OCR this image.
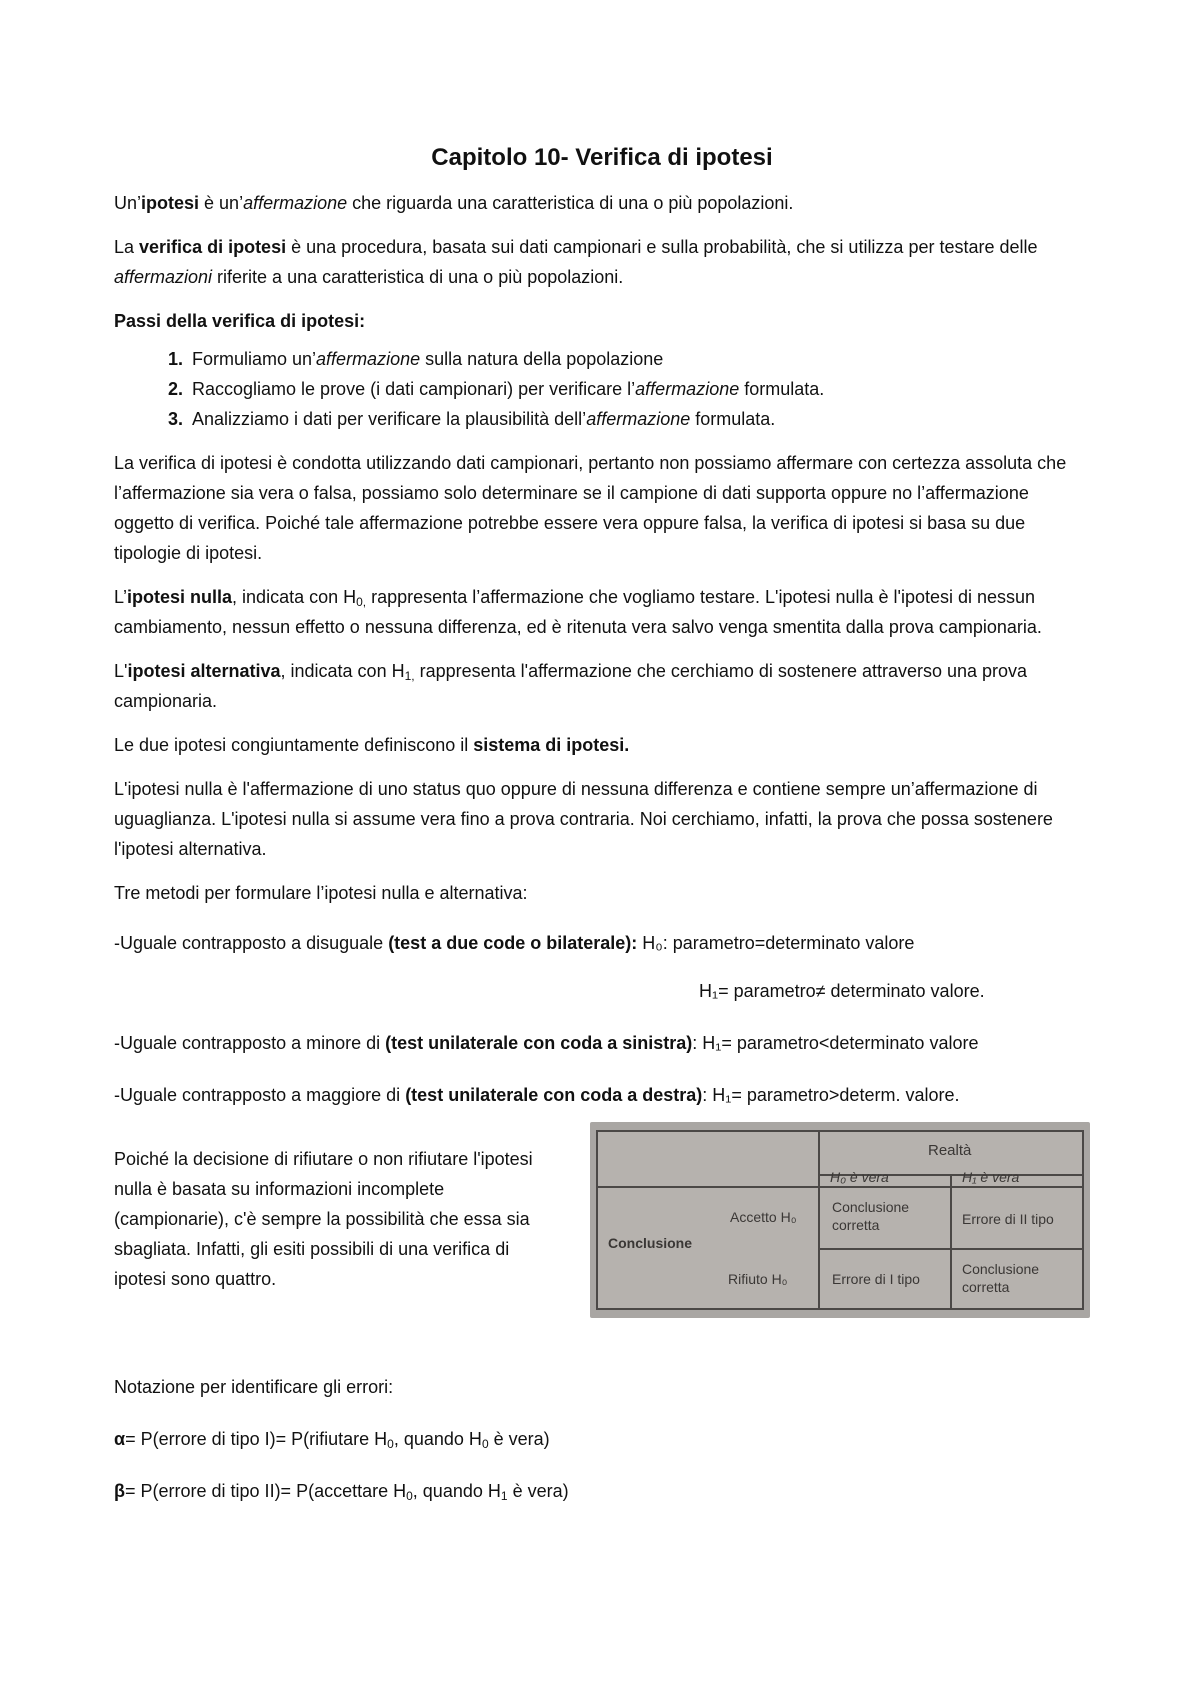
Capitolo 10- Verifica di ipotesi

Un’ipotesi è un’affermazione che riguarda una caratteristica di una o più popolazioni.

La verifica di ipotesi è una procedura, basata sui dati campionari e sulla probabilità, che si utilizza per testare delle affermazioni riferite a una caratteristica di una o più popolazioni.

Passi della verifica di ipotesi:

1. Formuliamo un’affermazione sulla natura della popolazione
2. Raccogliamo le prove (i dati campionari) per verificare l’affermazione formulata.
3. Analizziamo i dati per verificare la plausibilità dell’affermazione formulata.

La verifica di ipotesi è condotta utilizzando dati campionari, pertanto non possiamo affermare con certezza assoluta che l’affermazione sia vera o falsa, possiamo solo determinare se il campione di dati supporta oppure no l’affermazione oggetto di verifica. Poiché tale affermazione potrebbe essere vera oppure falsa, la verifica di ipotesi si basa su due tipologie di ipotesi.

L’ipotesi nulla, indicata con $H_{0,}$ rappresenta l’affermazione che vogliamo testare. L'ipotesi nulla è l'ipotesi di nessun cambiamento, nessun effetto o nessuna differenza, ed è ritenuta vera salvo venga smentita dalla prova campionaria.

L'ipotesi alternativa, indicata con $H_{1,}$ rappresenta l'affermazione che cerchiamo di sostenere attraverso una prova campionaria.

Le due ipotesi congiuntamente definiscono il sistema di ipotesi.

L'ipotesi nulla è l'affermazione di uno status quo oppure di nessuna differenza e contiene sempre un’affermazione di uguaglianza. L'ipotesi nulla si assume vera fino a prova contraria. Noi cerchiamo, infatti, la prova che possa sostenere l'ipotesi alternativa.

Tre metodi per formulare l’ipotesi nulla e alternativa:

-Uguale contrapposto a disuguale (test a due code o bilaterale): H₀: parametro=determinato valore

H₁= parametro≠ determinato valore.

-Uguale contrapposto a minore di (test unilaterale con coda a sinistra): H₁= parametro<determinato valore

-Uguale contrapposto a maggiore di (test unilaterale con coda a destra): H₁= parametro>determ. valore.

Poiché la decisione di rifiutare o non rifiutare l'ipotesi nulla è basata su informazioni incomplete (campionarie), c'è sempre la possibilità che essa sia sbagliata. Infatti, gli esiti possibili di una verifica di ipotesi sono quattro.
Realtà
H₀ è vera	H₁ è vera
Conclusione
Accetto H₀
Rifiuto H₀
Conclusione corretta	Errore di II tipo
Errore di I tipo
Conclusione corretta

Notazione per identificare gli errori:

α= P(errore di tipo I)= P(rifiutare $H_0$, quando $H_0$ è vera)

β= P(errore di tipo II)= P(accettare $H_0$, quando $H_1$ è vera)
